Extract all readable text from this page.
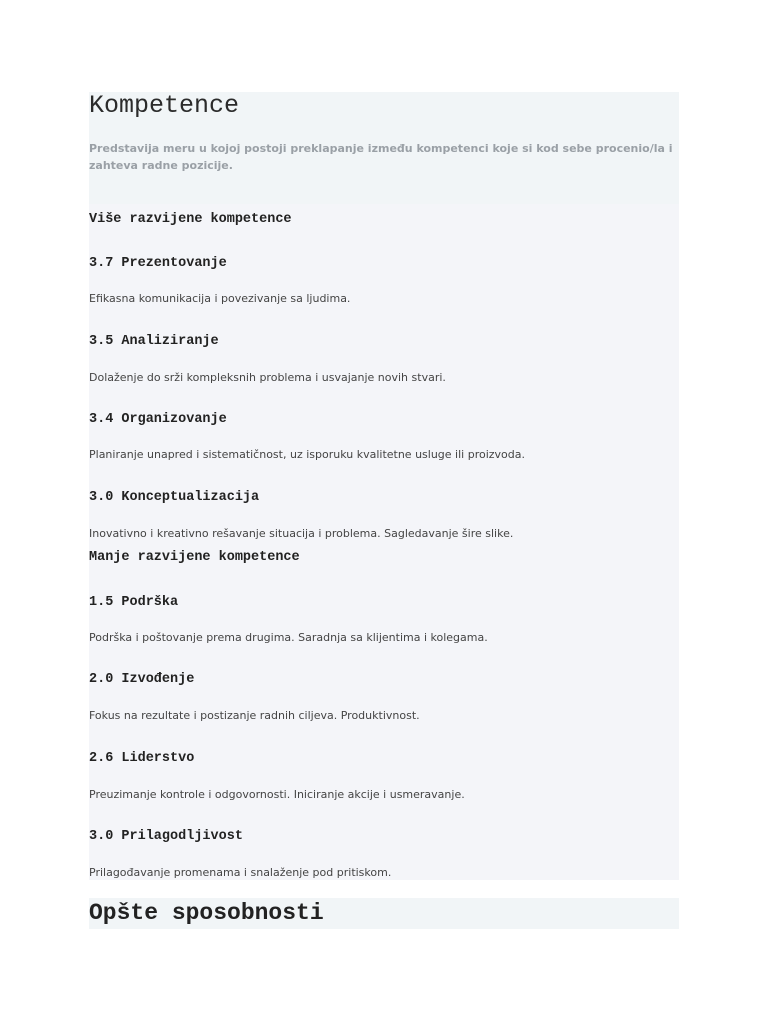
Kompetence

Predstavija meru u kojoj postoji preklapanje između kompetenci koje si kod sebe procenio/la i zahteva radne pozicije.

Više razvijene kompetence
3.7 Prezentovanje

Efikasna komunikacija i povezivanje sa ljudima.

3.5 Analiziranje

Dolaženje do srži kompleksnih problema i usvajanje novih stvari.

3.4 Organizovanje

Planiranje unapred i sistematičnost, uz isporuku kvalitetne usluge ili proizvoda.

3.0 Konceptualizacija

Inovativno i kreativno rešavanje situacija i problema. Sagledavanje šire slike.

Manje razvijene kompetence
1.5 Podrška

Podrška i poštovanje prema drugima. Saradnja sa klijentima i kolegama.

2.0 Izvođenje

Fokus na rezultate i postizanje radnih ciljeva. Produktivnost.

2.6 Liderstvo

Preuzimanje kontrole i odgovornosti. Iniciranje akcije i usmeravanje.

3.0 Prilagodljivost

Prilagođavanje promenama i snalaženje pod pritiskom.

Opšte sposobnosti
